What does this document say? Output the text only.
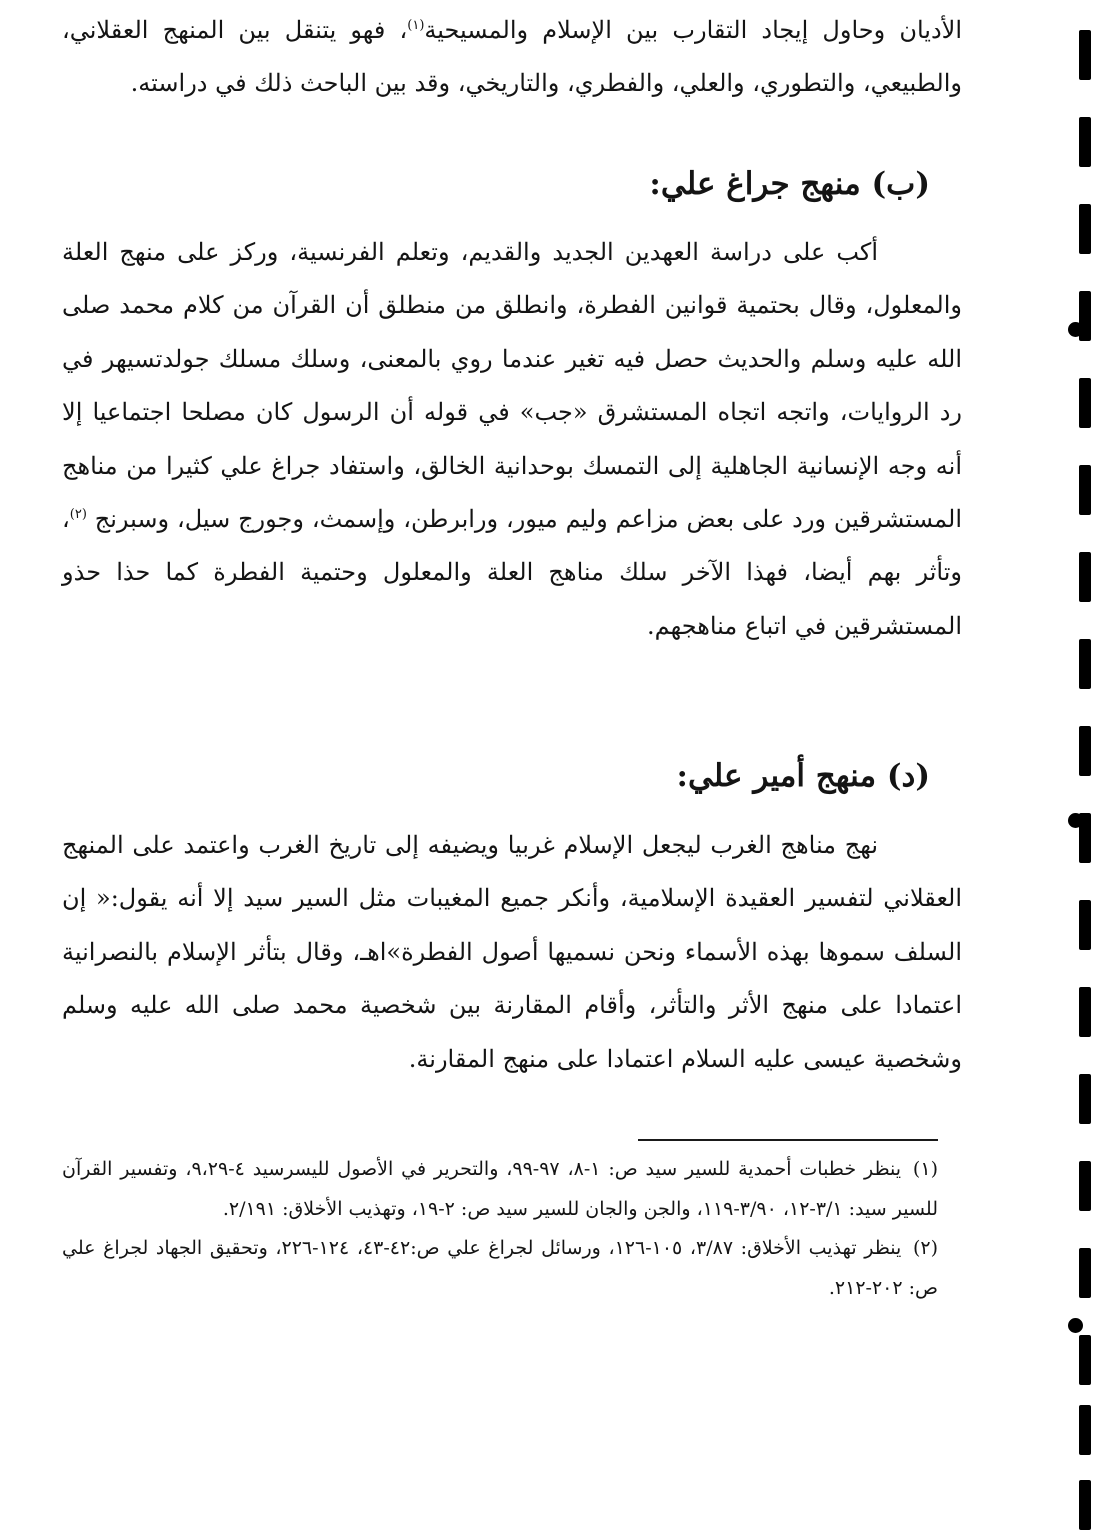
الأديان وحاول إيجاد التقارب بين الإسلام والمسيحية$^{(١)}$، فهو يتنقل بين المنهج العقلاني، والطبيعي، والتطوري، والعلي، والفطري، والتاريخي، وقد بين الباحث ذلك في دراسته.

(ب) منهج جراغ علي:

أكب على دراسة العهدين الجديد والقديم، وتعلم الفرنسية، وركز على منهج العلة والمعلول، وقال بحتمية قوانين الفطرة، وانطلق من منطلق أن القرآن من كلام محمد صلى الله عليه وسلم والحديث حصل فيه تغير عندما روي بالمعنى، وسلك مسلك جولدتسيهر في رد الروايات، واتجه اتجاه المستشرق «جب» في قوله أن الرسول كان مصلحا اجتماعيا إلا أنه وجه الإنسانية الجاهلية إلى التمسك بوحدانية الخالق، واستفاد جراغ علي كثيرا من مناهج المستشرقين ورد على بعض مزاعم وليم ميور، ورابرطن، وإسمث، وجورج سيل، وسبرنج $^{(٢)}$، وتأثر بهم أيضا، فهذا الآخر سلك مناهج العلة والمعلول وحتمية الفطرة كما حذا حذو المستشرقين في اتباع مناهجهم.

(د) منهج أمير علي:

نهج مناهج الغرب ليجعل الإسلام غربيا ويضيفه إلى تاريخ الغرب واعتمد على المنهج العقلاني لتفسير العقيدة الإسلامية، وأنكر جميع المغيبات مثل السير سيد إلا أنه يقول:« إن السلف سموها بهذه الأسماء ونحن نسميها أصول الفطرة»اهـ، وقال بتأثر الإسلام بالنصرانية اعتمادا على منهج الأثر والتأثر، وأقام المقارنة بين شخصية محمد صلى الله عليه وسلم وشخصية عيسى عليه السلام اعتمادا على منهج المقارنة.

(١) ينظر خطبات أحمدية للسير سيد ص: ١-٨، ٩٧-٩٩، والتحرير في الأصول لليسرسيد ٤-٩،٢٩، وتفسير القرآن للسير سيد: ٣/١-١٢، ٣/٩٠-١١٩، والجن والجان للسير سيد ص: ٢-١٩، وتهذيب الأخلاق: ٢/١٩١.

(٢) ينظر تهذيب الأخلاق: ٣/٨٧، ١٠٥-١٢٦، ورسائل لجراغ علي ص:٤٢-٤٣، ١٢٤-٢٢٦، وتحقيق الجهاد لجراغ علي ص: ٢٠٢-٢١٢.
